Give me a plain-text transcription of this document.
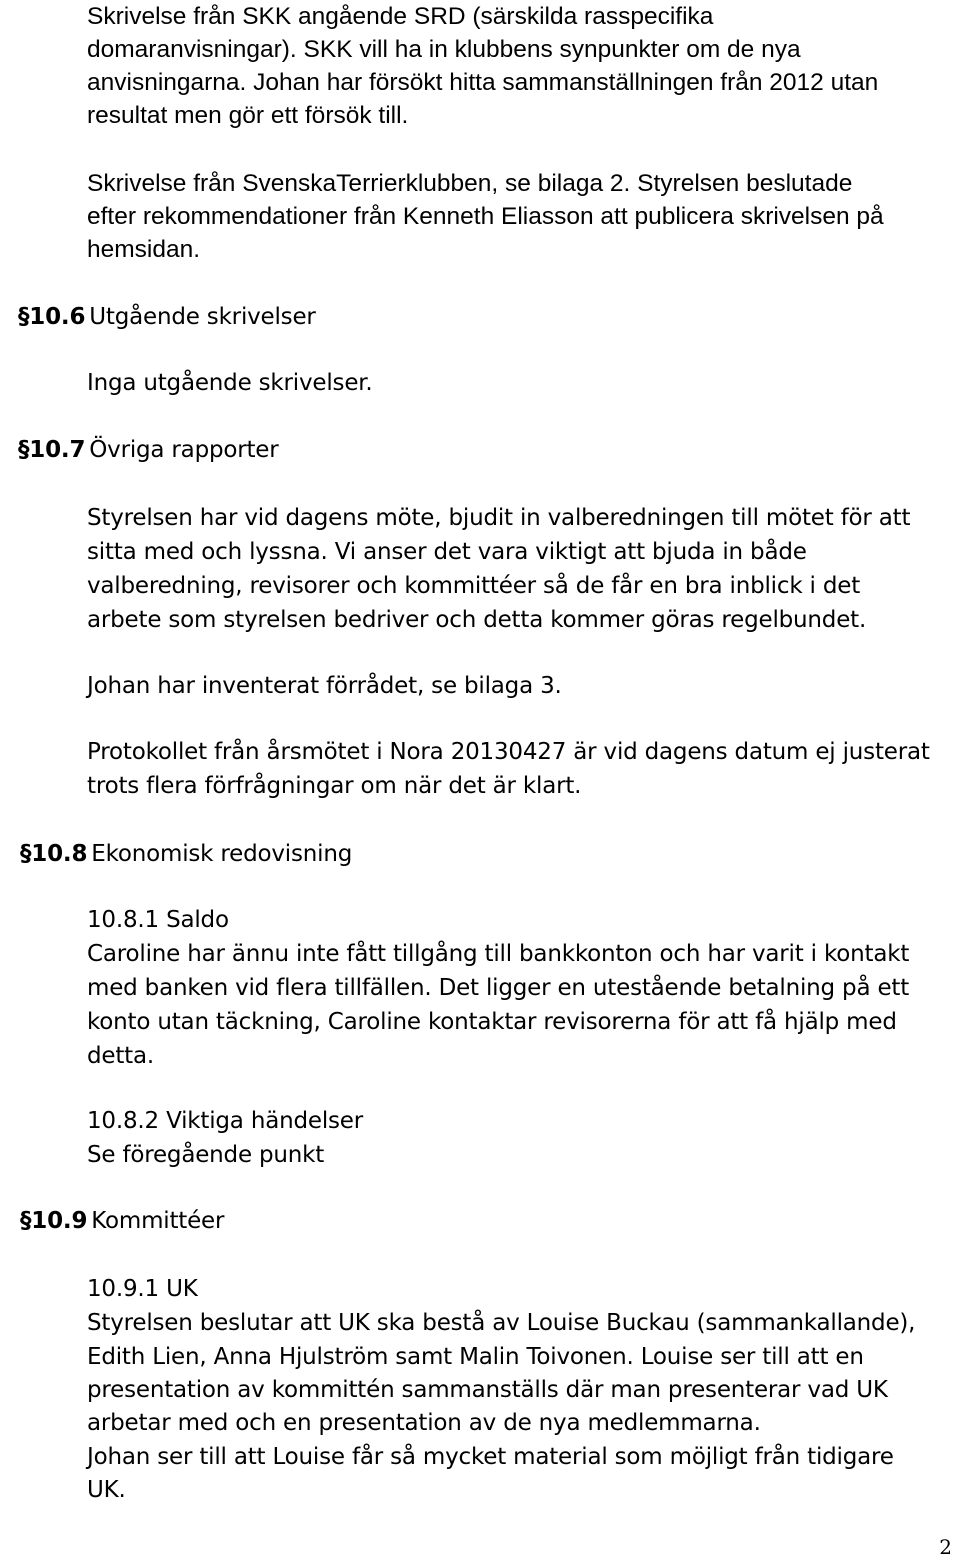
Skrivelse från SKK angående SRD (särskilda rasspecifika
domaranvisningar). SKK vill ha in klubbens synpunkter om de nya
anvisningarna. Johan har försökt hitta sammanställningen från 2012 utan
resultat men gör ett försök till.
Skrivelse från SvenskaTerrierklubben, se bilaga 2. Styrelsen beslutade
efter rekommendationer från Kenneth Eliasson att publicera skrivelsen på
hemsidan.
§10.6 Utgående skrivelser
Inga utgående skrivelser.
§10.7 Övriga rapporter
Styrelsen har vid dagens möte, bjudit in valberedningen till mötet för att
sitta med och lyssna. Vi anser det vara viktigt att bjuda in både
valberedning, revisorer och kommittéer så de får en bra inblick i det
arbete som styrelsen bedriver och detta kommer göras regelbundet.
Johan har inventerat förrådet, se bilaga 3.
Protokollet från årsmötet i Nora 20130427 är vid dagens datum ej justerat
trots flera förfrågningar om när det är klart.
§10.8 Ekonomisk redovisning
10.8.1 Saldo
Caroline har ännu inte fått tillgång till bankkonton och har varit i kontakt
med banken vid flera tillfällen. Det ligger en utestående betalning på ett
konto utan täckning, Caroline kontaktar revisorerna för att få hjälp med
detta.
10.8.2 Viktiga händelser
Se föregående punkt
§10.9 Kommittéer
10.9.1 UK
Styrelsen beslutar att UK ska bestå av Louise Buckau (sammankallande),
Edith Lien, Anna Hjulström samt Malin Toivonen. Louise ser till att en
presentation av kommittén sammanställs där man presenterar vad UK
arbetar med och en presentation av de nya medlemmarna.
Johan ser till att Louise får så mycket material som möjligt från tidigare
UK.
2
